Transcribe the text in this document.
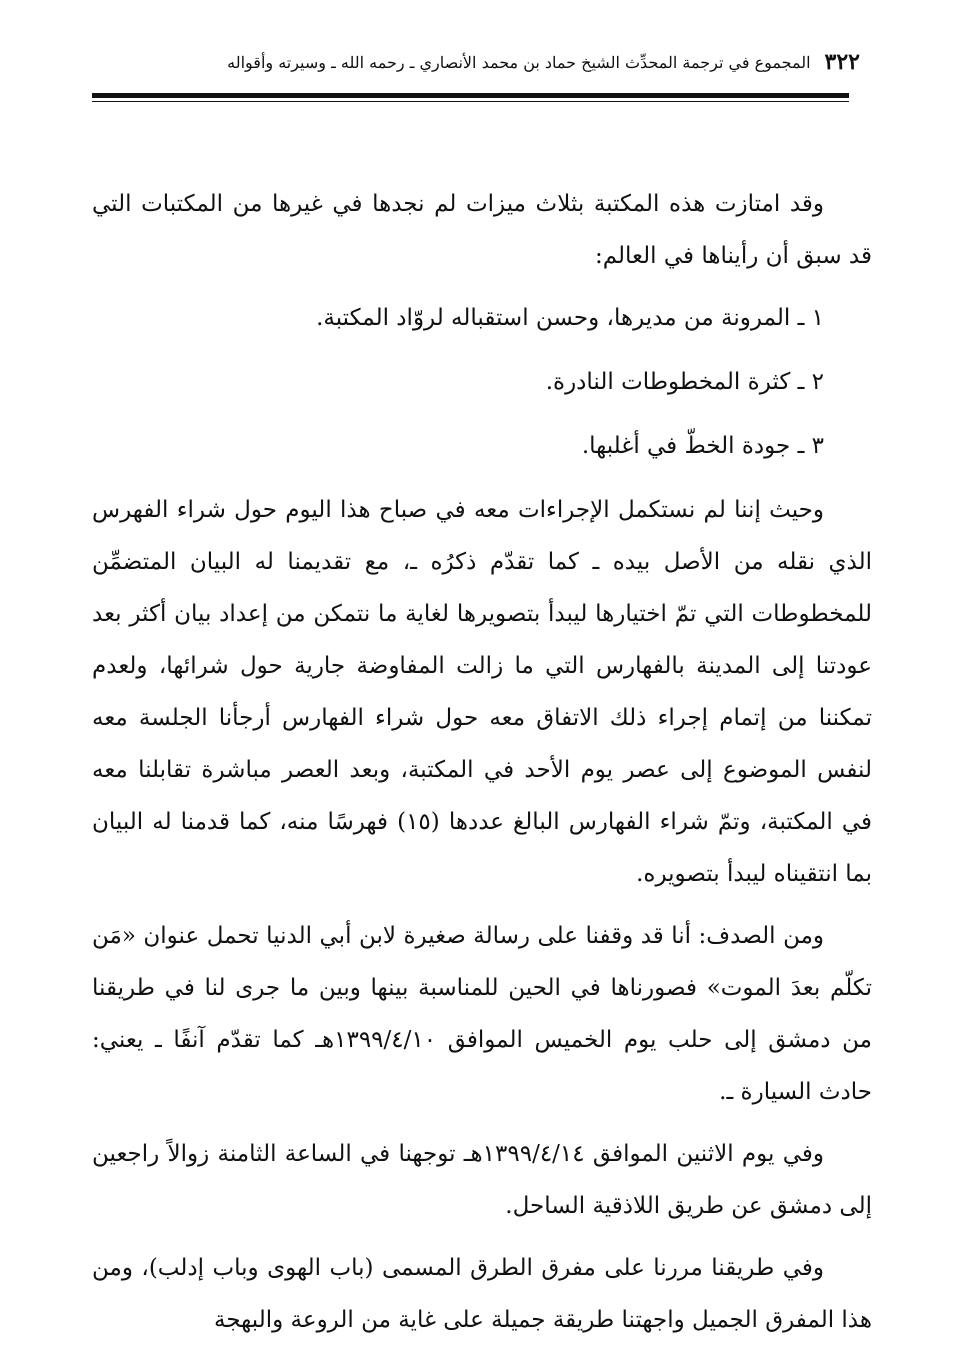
٣٢٢
المجموع في ترجمة المحدِّث الشيخ حماد بن محمد الأنصاري ـ رحمه الله ـ وسيرته وأقواله

وقد امتازت هذه المكتبة بثلاث ميزات لم نجدها في غيرها من المكتبات التي قد سبق أن رأيناها في العالم:

١ ـ المرونة من مديرها، وحسن استقباله لروّاد المكتبة.

٢ ـ كثرة المخطوطات النادرة.

٣ ـ جودة الخطّ في أغلبها.

وحيث إننا لم نستكمل الإجراءات معه في صباح هذا اليوم حول شراء الفهرس الذي نقله من الأصل بيده ـ كما تقدّم ذكرُه ـ، مع تقديمنا له البيان المتضمِّن للمخطوطات التي تمّ اختيارها ليبدأ بتصويرها لغاية ما نتمكن من إعداد بيان أكثر بعد عودتنا إلى المدينة بالفهارس التي ما زالت المفاوضة جارية حول شرائها، ولعدم تمكننا من إتمام إجراء ذلك الاتفاق معه حول شراء الفهارس أرجأنا الجلسة معه لنفس الموضوع إلى عصر يوم الأحد في المكتبة، وبعد العصر مباشرة تقابلنا معه في المكتبة، وتمّ شراء الفهارس البالغ عددها (١٥) فهرسًا منه، كما قدمنا له البيان بما انتقيناه ليبدأ بتصويره.

ومن الصدف: أنا قد وقفنا على رسالة صغيرة لابن أبي الدنيا تحمل عنوان «مَن تكلّم بعدَ الموت» فصورناها في الحين للمناسبة بينها وبين ما جرى لنا في طريقنا من دمشق إلى حلب يوم الخميس الموافق ١٣٩٩/٤/١٠هـ كما تقدّم آنفًا ـ يعني: حادث السيارة ـ.

وفي يوم الاثنين الموافق ١٣٩٩/٤/١٤هـ توجهنا في الساعة الثامنة زوالاً راجعين إلى دمشق عن طريق اللاذقية الساحل.

وفي طريقنا مررنا على مفرق الطرق المسمى (باب الهوى وباب إدلب)، ومن هذا المفرق الجميل واجهتنا طريقة جميلة على غاية من الروعة والبهجة
